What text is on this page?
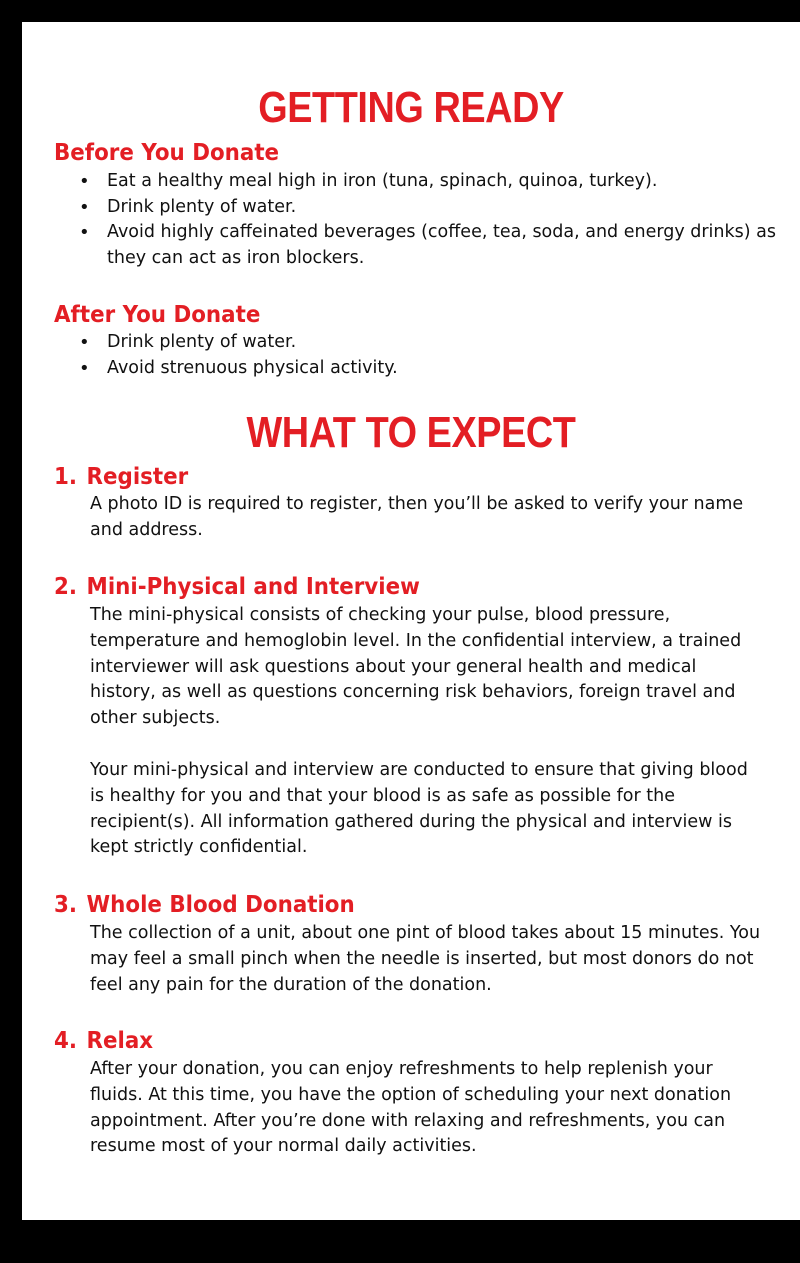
GETTING READY
Before You Donate
• Eat a healthy meal high in iron (tuna, spinach, quinoa, turkey).
• Drink plenty of water.
• Avoid highly caffeinated beverages (coffee, tea, soda, and energy drinks) as they can act as iron blockers.
After You Donate
• Drink plenty of water.
• Avoid strenuous physical activity.
WHAT TO EXPECT
1. Register

A photo ID is required to register, then you’ll be asked to verify your name and address.

2. Mini-Physical and Interview

The mini-physical consists of checking your pulse, blood pressure, temperature and hemoglobin level. In the confidential interview, a trained interviewer will ask questions about your general health and medical history, as well as questions concerning risk behaviors, foreign travel and other subjects.

Your mini-physical and interview are conducted to ensure that giving blood is healthy for you and that your blood is as safe as possible for the recipient(s). All information gathered during the physical and interview is kept strictly confidential.

3. Whole Blood Donation

The collection of a unit, about one pint of blood takes about 15 minutes. You may feel a small pinch when the needle is inserted, but most donors do not feel any pain for the duration of the donation.

4. Relax

After your donation, you can enjoy refreshments to help replenish your fluids. At this time, you have the option of scheduling your next donation appointment. After you’re done with relaxing and refreshments, you can resume most of your normal daily activities.
